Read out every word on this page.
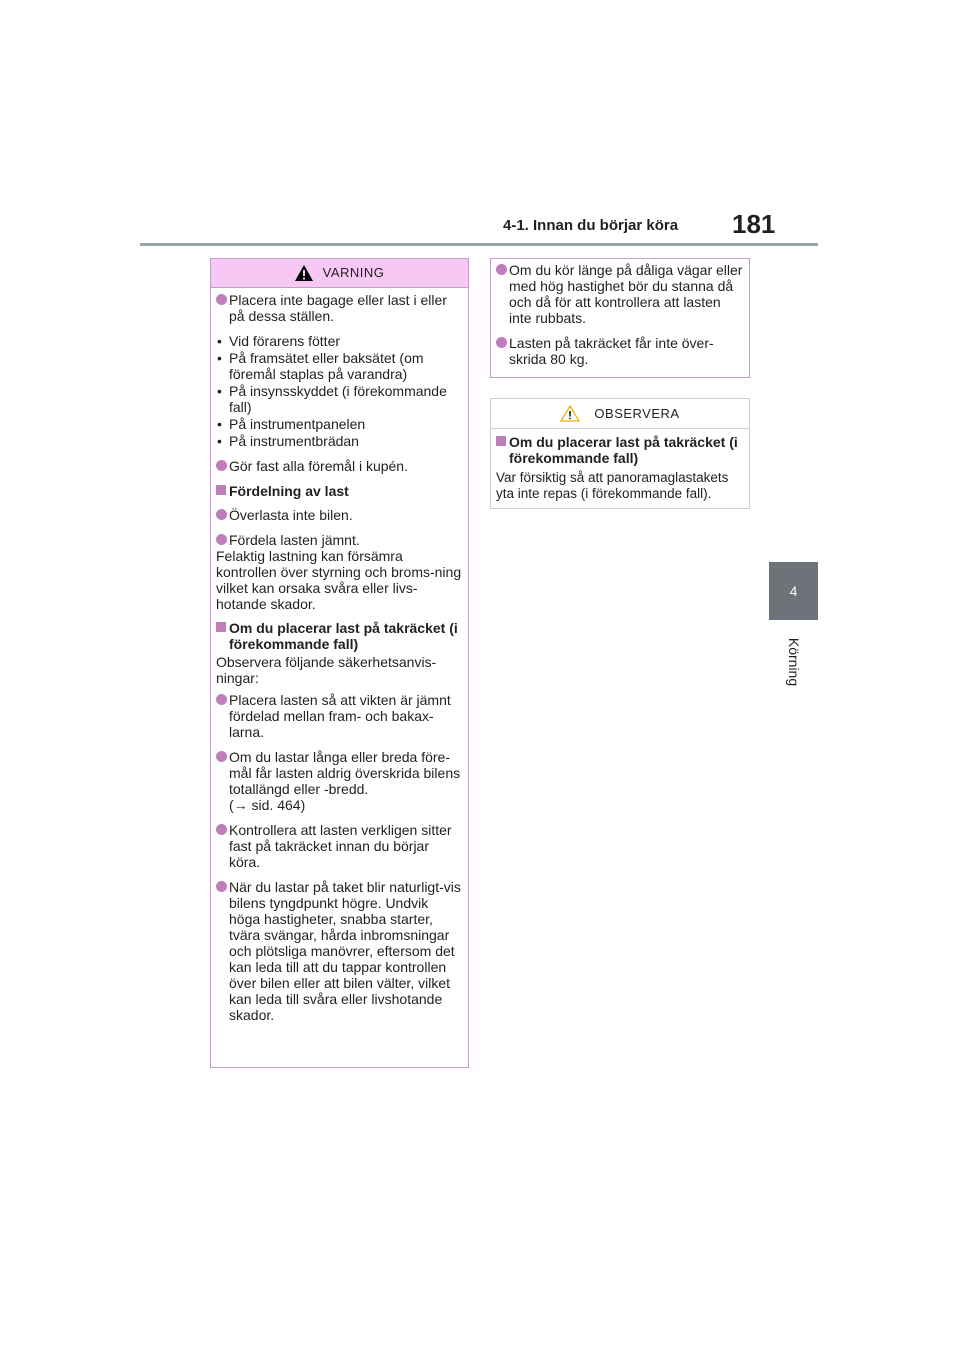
4-1. Innan du börjar köra 181
4
Körning
VARNING
Placera inte bagage eller last i eller på dessa ställen.
• Vid förarens fötter
• På framsätet eller baksätet (om föremål staplas på varandra)
• På insynsskyddet (i förekommande fall)
• På instrumentpanelen
• På instrumentbrädan
Gör fast alla föremål i kupén.
Fördelning av last
Överlasta inte bilen.
Fördela lasten jämnt.
Felaktig lastning kan försämra kontrollen över styrning och broms-ning vilket kan orsaka svåra eller livs-hotande skador.
Om du placerar last på takräcket (i förekommande fall)
Observera följande säkerhetsanvis-ningar:
Placera lasten så att vikten är jämnt fördelad mellan fram- och bakax-larna.
Om du lastar långa eller breda före-mål får lasten aldrig överskrida bilens totallängd eller -bredd.
(→ sid. 464)
Kontrollera att lasten verkligen sitter fast på takräcket innan du börjar köra.
När du lastar på taket blir naturligt-vis bilens tyngdpunkt högre. Undvik höga hastigheter, snabba starter, tvära svängar, hårda inbromsningar och plötsliga manövrer, eftersom det kan leda till att du tappar kontrollen över bilen eller att bilen välter, vilket kan leda till svåra eller livshotande skador.
Om du kör länge på dåliga vägar eller med hög hastighet bör du stanna då och då för att kontrollera att lasten inte rubbats.
Lasten på takräcket får inte över-skrida 80 kg.
OBSERVERA
Om du placerar last på takräcket (i förekommande fall)
Var försiktig så att panoramaglastakets yta inte repas (i förekommande fall).
